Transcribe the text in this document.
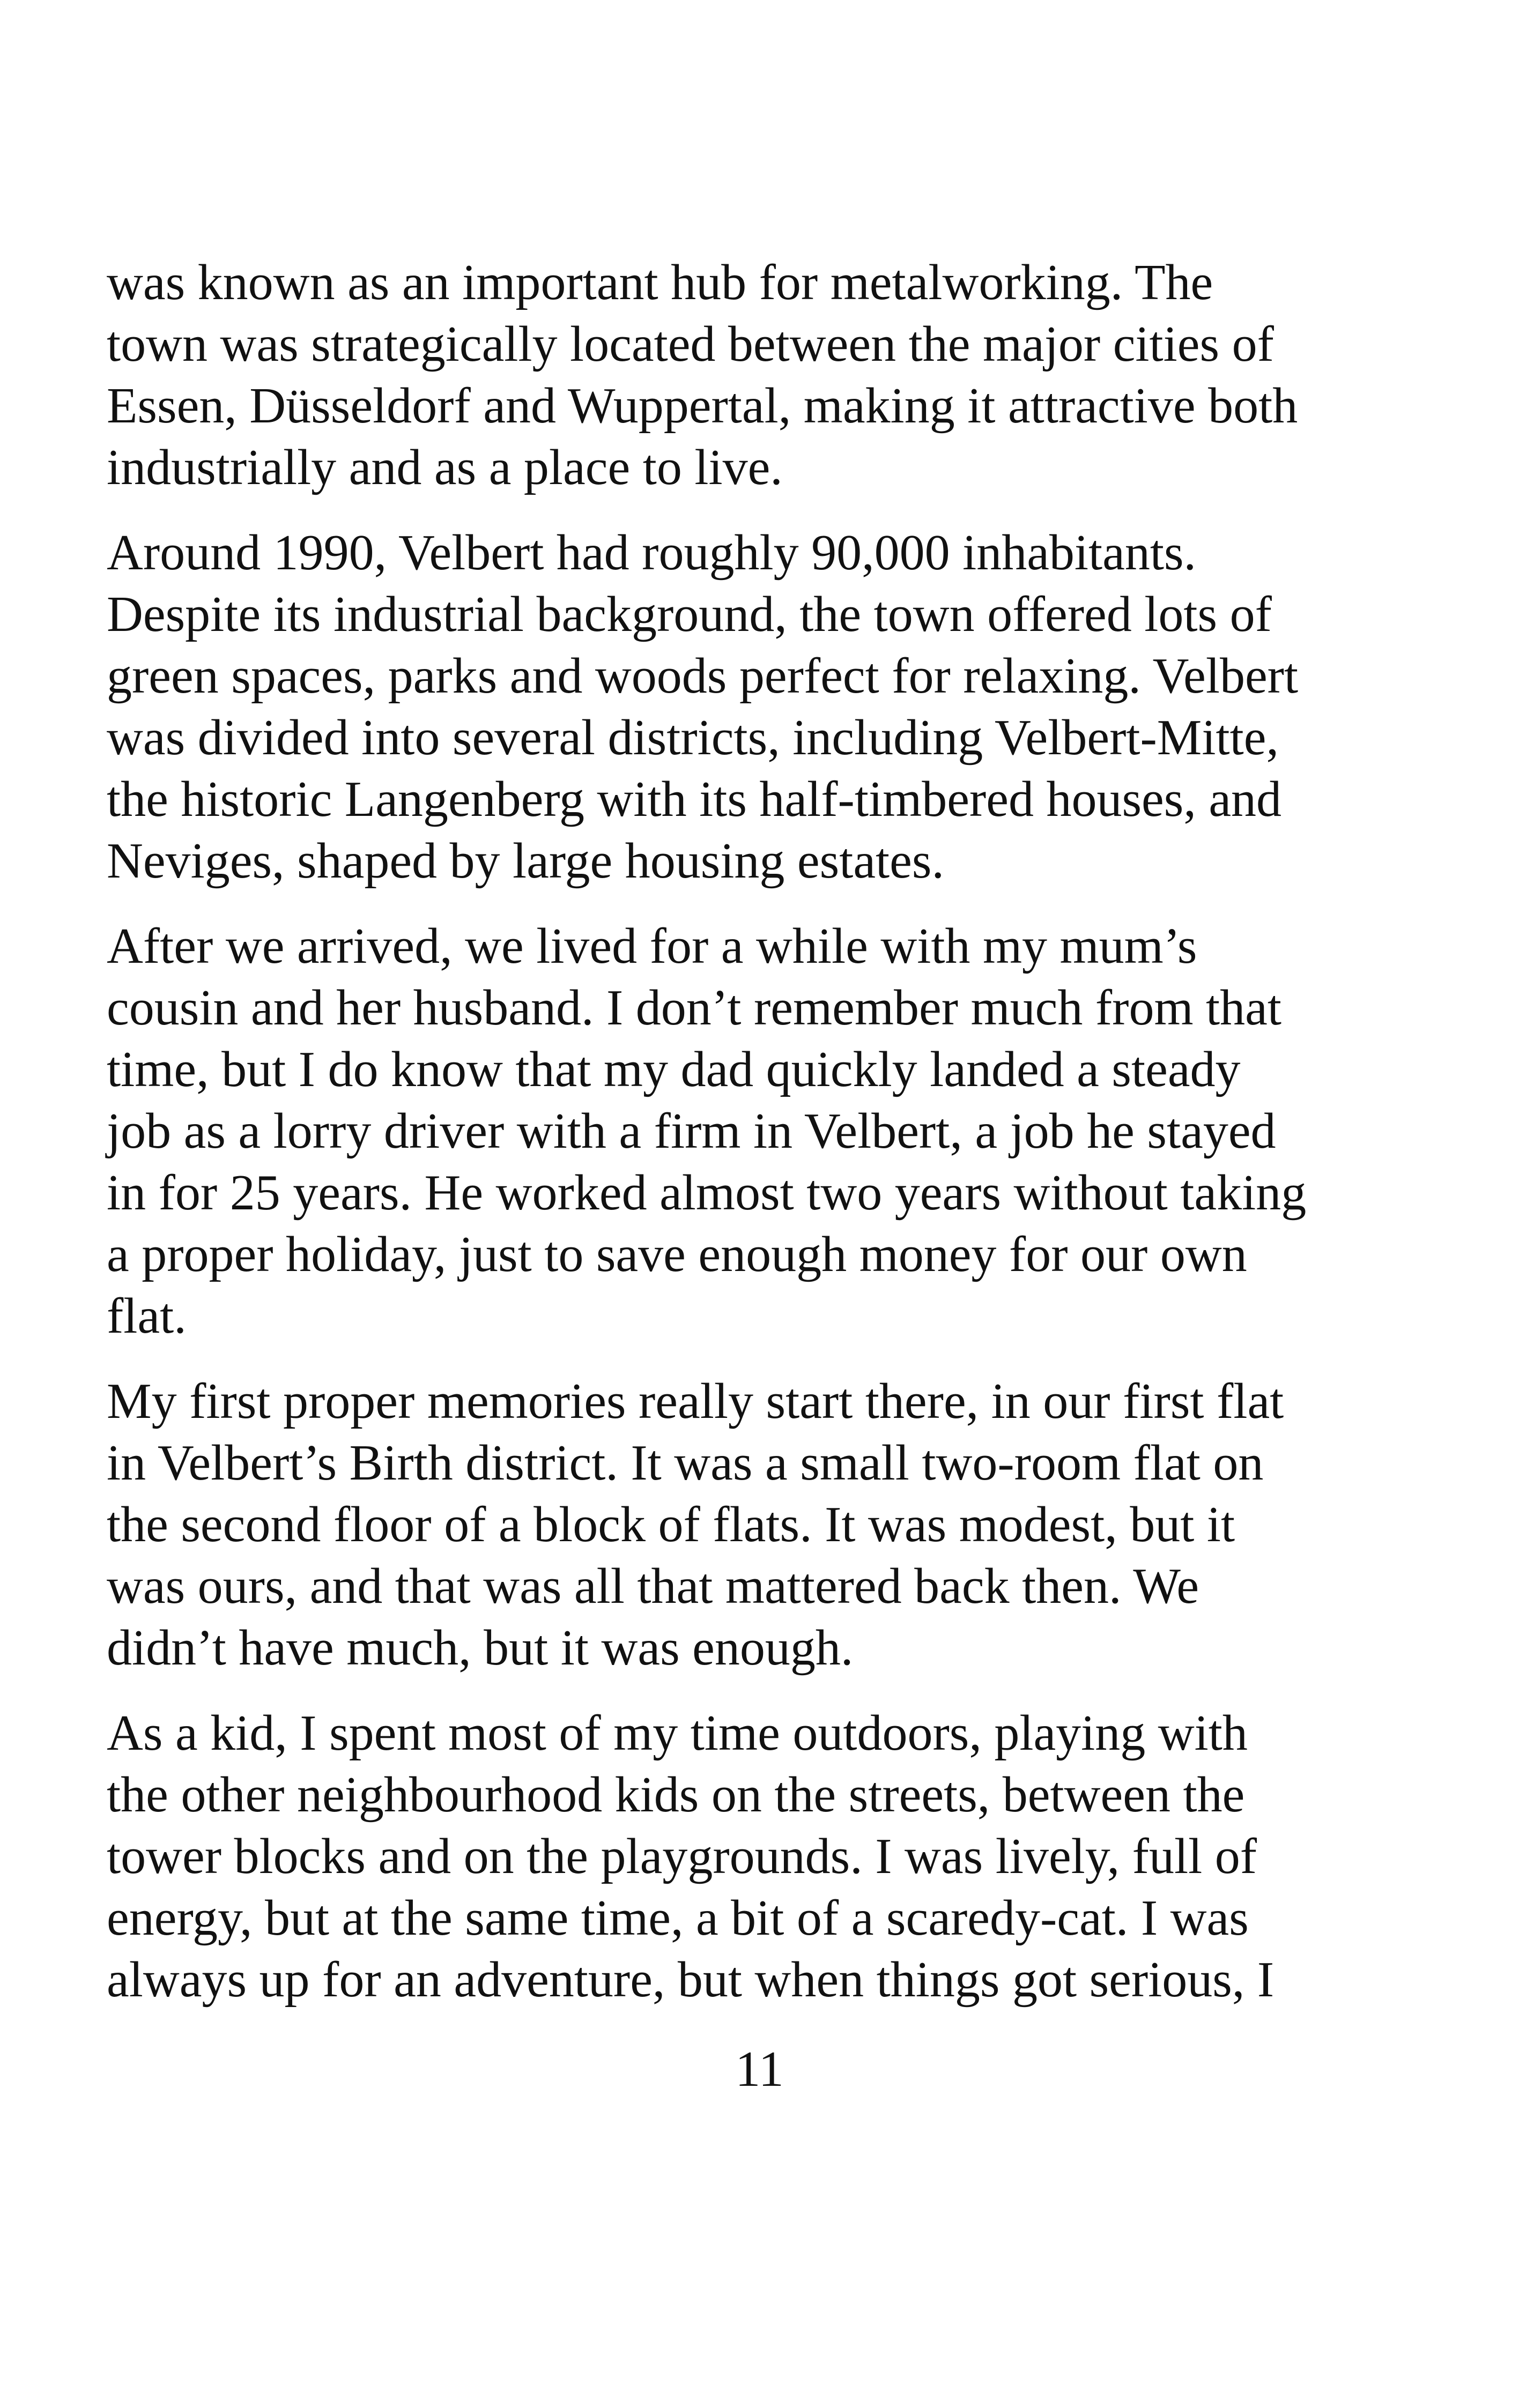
was known as an important hub for metalworking. The
town was strategically located between the major cities of
Essen, Düsseldorf and Wuppertal, making it attractive both
industrially and as a place to live.

Around 1990, Velbert had roughly 90,000 inhabitants.
Despite its industrial background, the town offered lots of
green spaces, parks and woods perfect for relaxing. Velbert
was divided into several districts, including Velbert-Mitte,
the historic Langenberg with its half-timbered houses, and
Neviges, shaped by large housing estates.

After we arrived, we lived for a while with my mum’s
cousin and her husband. I don’t remember much from that
time, but I do know that my dad quickly landed a steady
job as a lorry driver with a firm in Velbert, a job he stayed
in for 25 years. He worked almost two years without taking
a proper holiday, just to save enough money for our own
flat.

My first proper memories really start there, in our first flat
in Velbert’s Birth district. It was a small two-room flat on
the second floor of a block of flats. It was modest, but it
was ours, and that was all that mattered back then. We
didn’t have much, but it was enough.

As a kid, I spent most of my time outdoors, playing with
the other neighbourhood kids on the streets, between the
tower blocks and on the playgrounds. I was lively, full of
energy, but at the same time, a bit of a scaredy-cat. I was
always up for an adventure, but when things got serious, I

11
